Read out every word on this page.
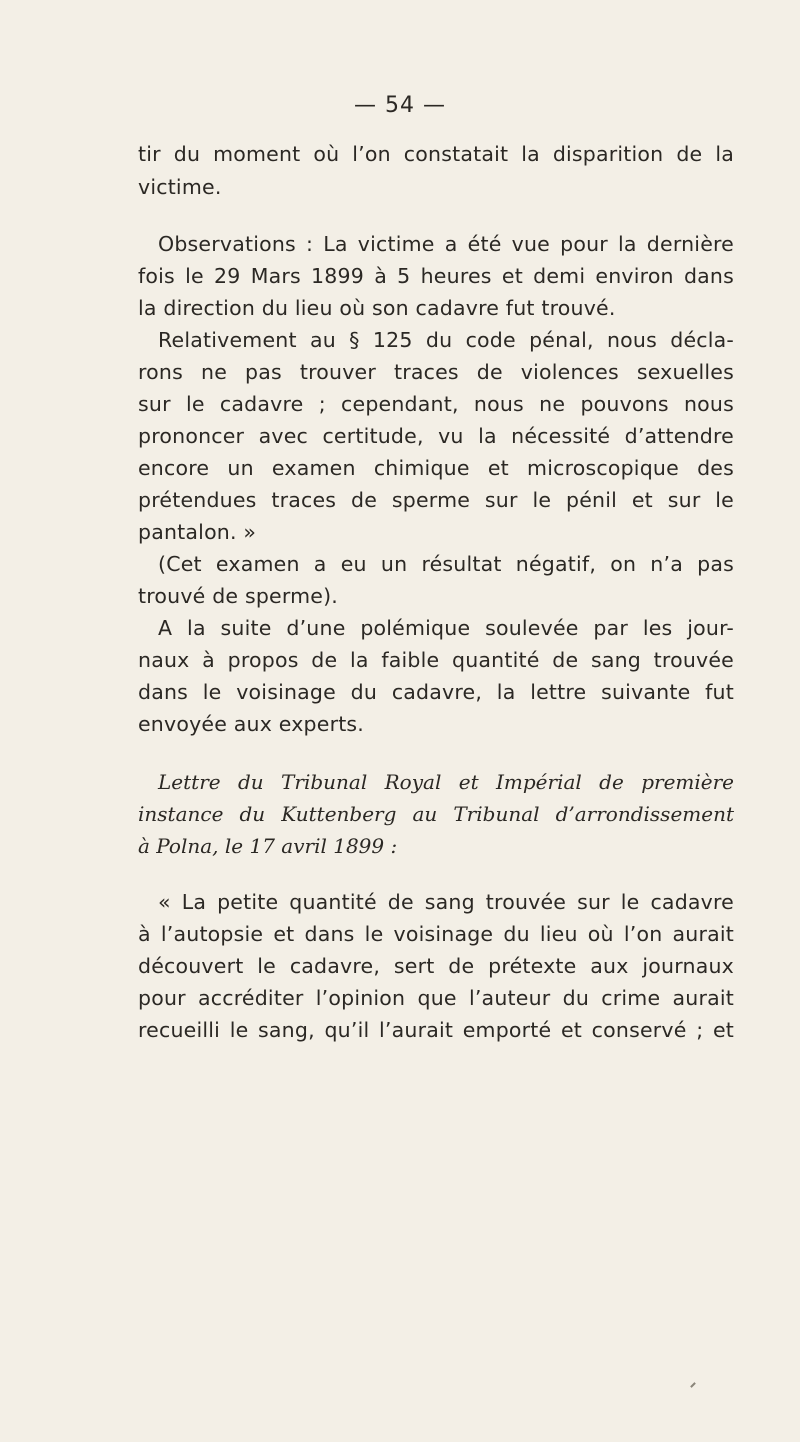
— 54 —
tir du moment où l’on constatait la disparition de la
victime.
Observations : La victime a été vue pour la dernière
fois le 29 Mars 1899 à 5 heures et demi environ dans
la direction du lieu où son cadavre fut trouvé.
Relativement au § 125 du code pénal, nous décla-
rons ne pas trouver traces de violences sexuelles
sur le cadavre ; cependant, nous ne pouvons nous
prononcer avec certitude, vu la nécessité d’attendre
encore un examen chimique et microscopique des
prétendues traces de sperme sur le pénil et sur le
pantalon. »
(Cet examen a eu un résultat négatif, on n’a pas
trouvé de sperme).
A la suite d’une polémique soulevée par les jour-
naux à propos de la faible quantité de sang trouvée
dans le voisinage du cadavre, la lettre suivante fut
envoyée aux experts.
Lettre du Tribunal Royal et Impérial de première
instance du Kuttenberg au Tribunal d’arrondissement
à Polna, le 17 avril 1899 :
« La petite quantité de sang trouvée sur le cadavre
à l’autopsie et dans le voisinage du lieu où l’on aurait
découvert le cadavre, sert de prétexte aux journaux
pour accréditer l’opinion que l’auteur du crime aurait
recueilli le sang, qu’il l’aurait emporté et conservé ; et
